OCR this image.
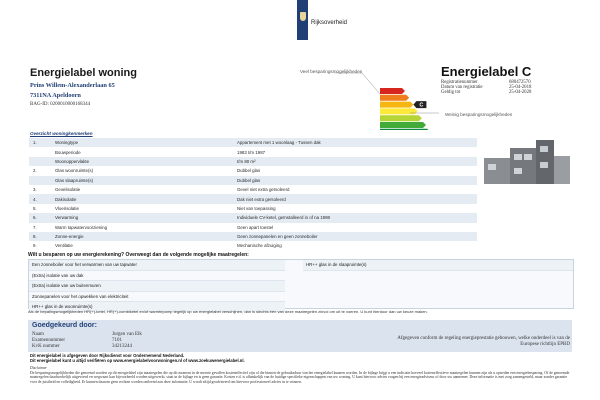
Rijksoverheid
Energielabel woning
Prins Willem-Alexanderlaan 65
7311NA Apeldoorn
BAG-ID: 0200010000168344
Veel besparingsmogelijkheden
C
Weinig besparingsmogelijkheden
Energielabel C
Registratienummer	680472570
Datum van registratie	25-04-2018
Geldig tot	25-04-2028
Overzicht woningkenmerken
1.	Woningtype	Appartement met 1 woonlaag - Tussen dak
	Bouwperiode	1983 t/m 1987
	Woonoppervlakte	t/m 80 m²
2.	Glas woonruimte(s)	Dubbel glas
	Glas slaapruimte(s)	Dubbel glas
3.	Gevelisolatie	Gevel niet extra geïsoleerd
4.	Dakisolatie	Dak niet extra geïsoleerd
5.	Vloerisolatie	Niet van toepassing
6.	Verwarming	Individuele CV-ketel, geïnstalleerd in of na 1998
7.	Warm tapwatervoorziening	Geen apart toestel
8.	Zonne-energie	Geen zonnepanelen en geen zonneboiler
9.	Ventilatie	Mechanische afzuiging
Wilt u besparen op uw energierekening? Overweegt dan de volgende mogelijke maatregelen:
Een zonneboiler voor het verwarmen van uw tapwater
(Extra) isolatie van uw dak
(Extra) isolatie van uw buitenmuren
Zonnepanelen voor het opwekken van elektriciteit
HR++ glas in de woonruimte(s)
HR++ glas in de slaapruimte(s)
Als de bepalingsmogelijkheden HR(+)-ketel, HR(+)-combiketel en/of warmtepomp tegelijk op uw energielabel verschijnen, dan is slechts één van deze maatregelen zinvol om uit te voeren. U kunt hierdoor dan uw keuze maken.
Goedgekeurd door:
Naam	Jurgen van Elk
Examennummer	7101
KvK nummer	34213244
Afgegeven conform de regeling energieprestatie gebouwen, welke onderdeel is van de Europese richtlijn EPBD
Dit energielabel is afgegeven door Rijksdienst voor Ondernemend Nederland.
Dit energielabel kunt u altijd verifiëren op www.energielabelvoorwoningen.nl of www.zoekuwenergielabel.nl.
Disclaimer
De besparingsmogelijkheden die genoemd worden op dit energielabel zijn maatregelen die op dit moment in de meeste gevallen kosteneffectief zijn of die binnen de gebruiksduur van het energielabel kunnen worden. In de bijlage krijgt u een indicatie hoeveel kosteneffectieve maatregelen kunnen zijn als u optreden een energiebesparing. Of de genoemde maatregelen daadwerkelijk uitgevoerd en wegwaart kan bijvoorbeeld worden uitgewerkt, staat in de bijlage en is geen garantie. Kosten e.d. is afhankelijk van de huidige specifieke eigenschappen van uw woning. U kunt hiervoor advies vragen bij een energieadviseur of door uw aannemer. Deze informatie is met zorg samengesteld, maar zonder garantie voor de juistheid en volledigheid. Er kunnen daarom geen rechten worden ontleend aan deze informatie. U wordt altijd geadviseerd om hiervoor professioneel advies in te winnen.
